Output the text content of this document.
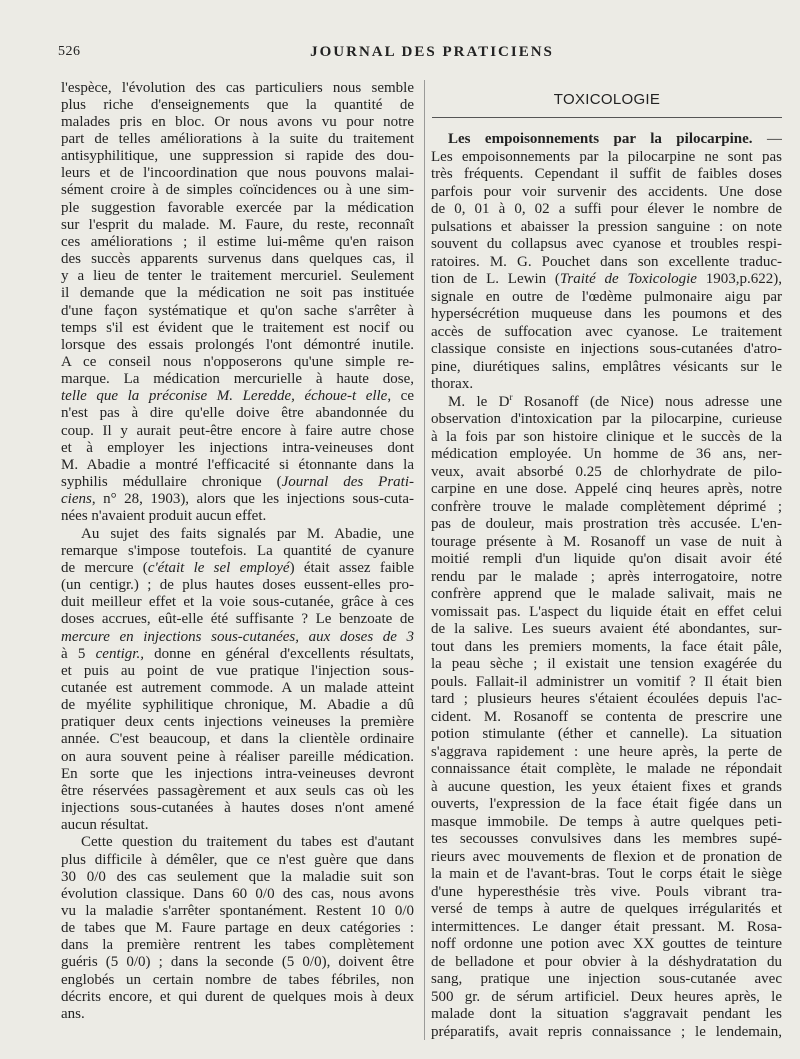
526	JOURNAL DES PRATICIENS
l'espèce, l'évolution des cas particuliers nous semble
plus riche d'enseignements que la quantité de
malades pris en bloc. Or nous avons vu pour notre
part de telles améliorations à la suite du traitement
antisyphilitique, une suppression si rapide des dou-
leurs et de l'incoordination que nous pouvons malai-
sément croire à de simples coïncidences ou à une sim-
ple suggestion favorable exercée par la médication
sur l'esprit du malade. M. Faure, du reste, reconnaît
ces améliorations ; il estime lui-même qu'en raison
des succès apparents survenus dans quelques cas, il
y a lieu de tenter le traitement mercuriel. Seulement
il demande que la médication ne soit pas instituée
d'une façon systématique et qu'on sache s'arrêter à
temps s'il est évident que le traitement est nocif ou
lorsque des essais prolongés l'ont démontré inutile.
A ce conseil nous n'opposerons qu'une simple re-
marque. La médication mercurielle à haute dose,
telle que la préconise M. Leredde, échoue-t elle, ce
n'est pas à dire qu'elle doive être abandonnée du
coup. Il y aurait peut-être encore à faire autre chose
et à employer les injections intra-veineuses dont
M. Abadie a montré l'efficacité si étonnante dans la
syphilis médullaire chronique (Journal des Prati-
ciens, n° 28, 1903), alors que les injections sous-cuta-
nées n'avaient produit aucun effet.
Au sujet des faits signalés par M. Abadie, une
remarque s'impose toutefois. La quantité de cyanure
de mercure (c'était le sel employé) était assez faible
(un centigr.) ; de plus hautes doses eussent-elles pro-
duit meilleur effet et la voie sous-cutanée, grâce à ces
doses accrues, eût-elle été suffisante ? Le benzoate de
mercure en injections sous-cutanées, aux doses de 3
à 5 centigr., donne en général d'excellents résultats,
et puis au point de vue pratique l'injection sous-
cutanée est autrement commode. A un malade atteint
de myélite syphilitique chronique, M. Abadie a dû
pratiquer deux cents injections veineuses la première
année. C'est beaucoup, et dans la clientèle ordinaire
on aura souvent peine à réaliser pareille médication.
En sorte que les injections intra-veineuses devront
être réservées passagèrement et aux seuls cas où les
injections sous-cutanées à hautes doses n'ont amené
aucun résultat.
Cette question du traitement du tabes est d'autant
plus difficile à démêler, que ce n'est guère que dans
30 0/0 des cas seulement que la maladie suit son
évolution classique. Dans 60 0/0 des cas, nous avons
vu la maladie s'arrêter spontanément. Restent 10 0/0
de tabes que M. Faure partage en deux catégories :
dans la première rentrent les tabes complètement
guéris (5 0/0) ; dans la seconde (5 0/0), doivent être
englobés un certain nombre de tabes fébriles, non
décrits encore, et qui durent de quelques mois à deux
ans.
TOXICOLOGIE
Les empoisonnements par la pilocarpine. —
Les empoisonnements par la pilocarpine ne sont pas
très fréquents. Cependant il suffit de faibles doses
parfois pour voir survenir des accidents. Une dose
de 0, 01 à 0, 02 a suffi pour élever le nombre de
pulsations et abaisser la pression sanguine : on note
souvent du collapsus avec cyanose et troubles respi-
ratoires. M. G. Pouchet dans son excellente traduc-
tion de L. Lewin (Traité de Toxicologie 1903,p.622),
signale en outre de l'œdème pulmonaire aigu par
hypersécrétion muqueuse dans les poumons et des
accès de suffocation avec cyanose. Le traitement
classique consiste en injections sous-cutanées d'atro-
pine, diurétiques salins, emplâtres vésicants sur le
thorax.
M. le $D^r$ Rosanoff (de Nice) nous adresse une
observation d'intoxication par la pilocarpine, curieuse
à la fois par son histoire clinique et le succès de la
médication employée. Un homme de 36 ans, ner-
veux, avait absorbé 0.25 de chlorhydrate de pilo-
carpine en une dose. Appelé cinq heures après, notre
confrère trouve le malade complètement déprimé ;
pas de douleur, mais prostration très accusée. L'en-
tourage présente à M. Rosanoff un vase de nuit à
moitié rempli d'un liquide qu'on disait avoir été
rendu par le malade ; après interrogatoire, notre
confrère apprend que le malade salivait, mais ne
vomissait pas. L'aspect du liquide était en effet celui
de la salive. Les sueurs avaient été abondantes, sur-
tout dans les premiers moments, la face était pâle,
la peau sèche ; il existait une tension exagérée du
pouls. Fallait-il administrer un vomitif ? Il était bien
tard ; plusieurs heures s'étaient écoulées depuis l'ac-
cident. M. Rosanoff se contenta de prescrire une
potion stimulante (éther et cannelle). La situation
s'aggrava rapidement : une heure après, la perte de
connaissance était complète, le malade ne répondait
à aucune question, les yeux étaient fixes et grands
ouverts, l'expression de la face était figée dans un
masque immobile. De temps à autre quelques peti-
tes secousses convulsives dans les membres supé-
rieurs avec mouvements de flexion et de pronation de
la main et de l'avant-bras. Tout le corps était le siège
d'une hyperesthésie très vive. Pouls vibrant tra-
versé de temps à autre de quelques irrégularités et
intermittences. Le danger était pressant. M. Rosa-
noff ordonne une potion avec XX gouttes de teinture
de belladone et pour obvier à la déshydratation du
sang, pratique une injection sous-cutanée avec
500 gr. de sérum artificiel. Deux heures après, le
malade dont la situation s'aggravait pendant les
préparatifs, avait repris connaissance ; le lendemain,
